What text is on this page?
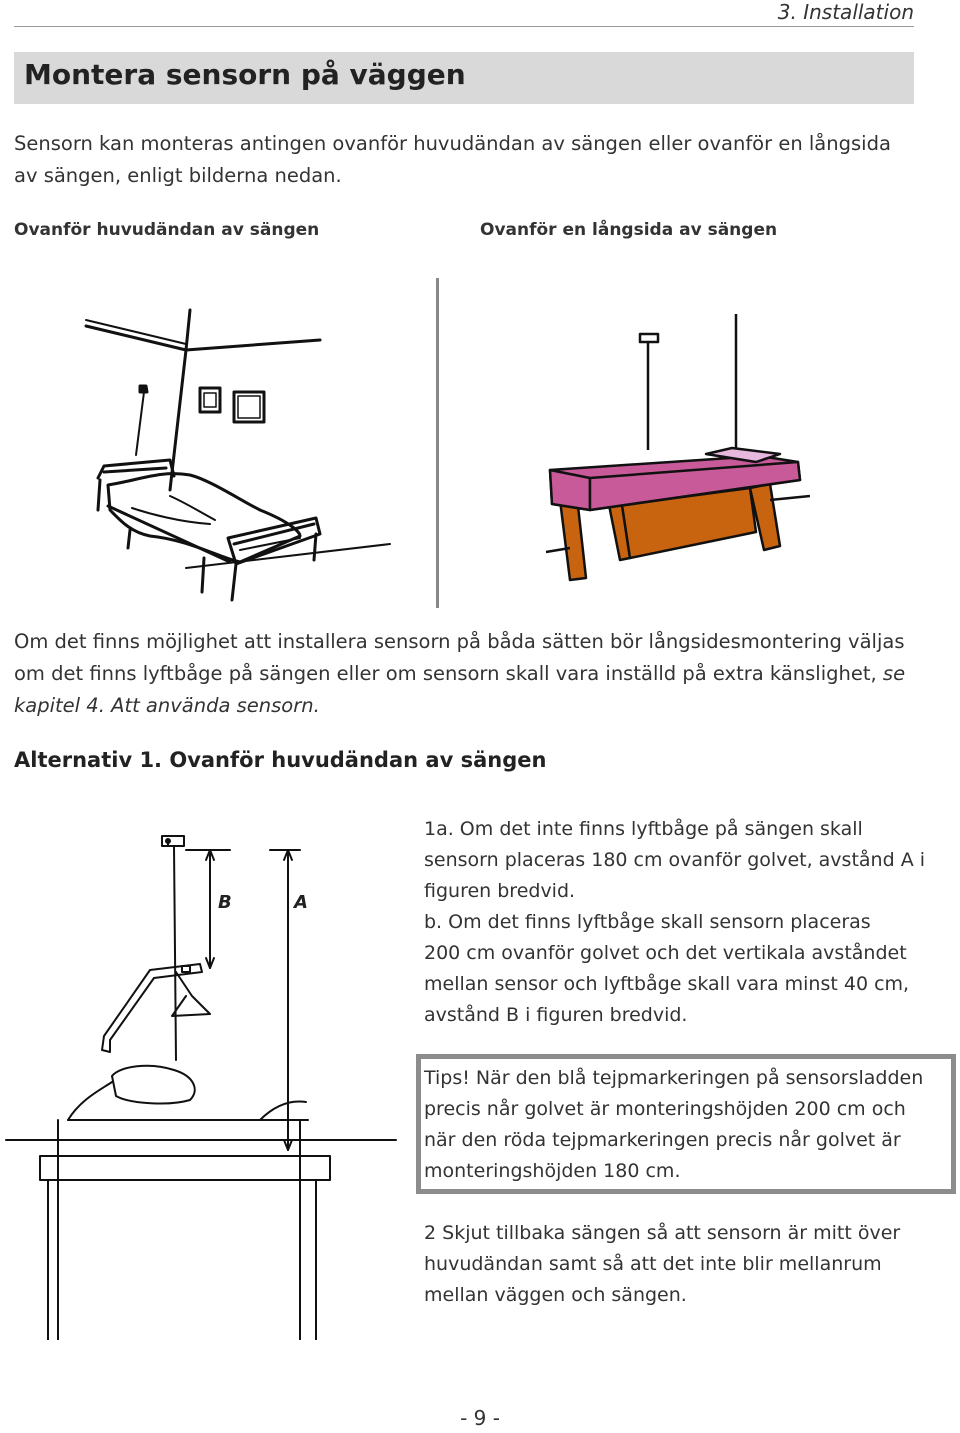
3. Installation
Montera sensorn på väggen
Sensorn kan monteras antingen ovanför huvudändan av sängen eller ovanför en långsida
av sängen, enligt bilderna nedan.
Ovanför huvudändan av sängen	Ovanför en långsida av sängen
Om det finns möjlighet att installera sensorn på båda sätten bör långsidesmontering väljas
om det finns lyftbåge på sängen eller om sensorn skall vara inställd på extra känslighet, se
kapitel 4. Att använda sensorn.
Alternativ 1. Ovanför huvudändan av sängen
B	A
1a. Om det inte finns lyftbåge på sängen skall
sensorn placeras 180 cm ovanför golvet, avstånd A i
figuren bredvid.
b. Om det finns lyftbåge skall sensorn placeras
200 cm ovanför golvet och det vertikala avståndet
mellan sensor och lyftbåge skall vara minst 40 cm,
avstånd B i figuren bredvid.
Tips! När den blå tejpmarkeringen på sensorsladden
precis når golvet är monteringshöjden 200 cm och
när den röda tejpmarkeringen precis når golvet är
monteringshöjden 180 cm.
2 Skjut tillbaka sängen så att sensorn är mitt över
huvudändan samt så att det inte blir mellanrum
mellan väggen och sängen.
- 9 -
